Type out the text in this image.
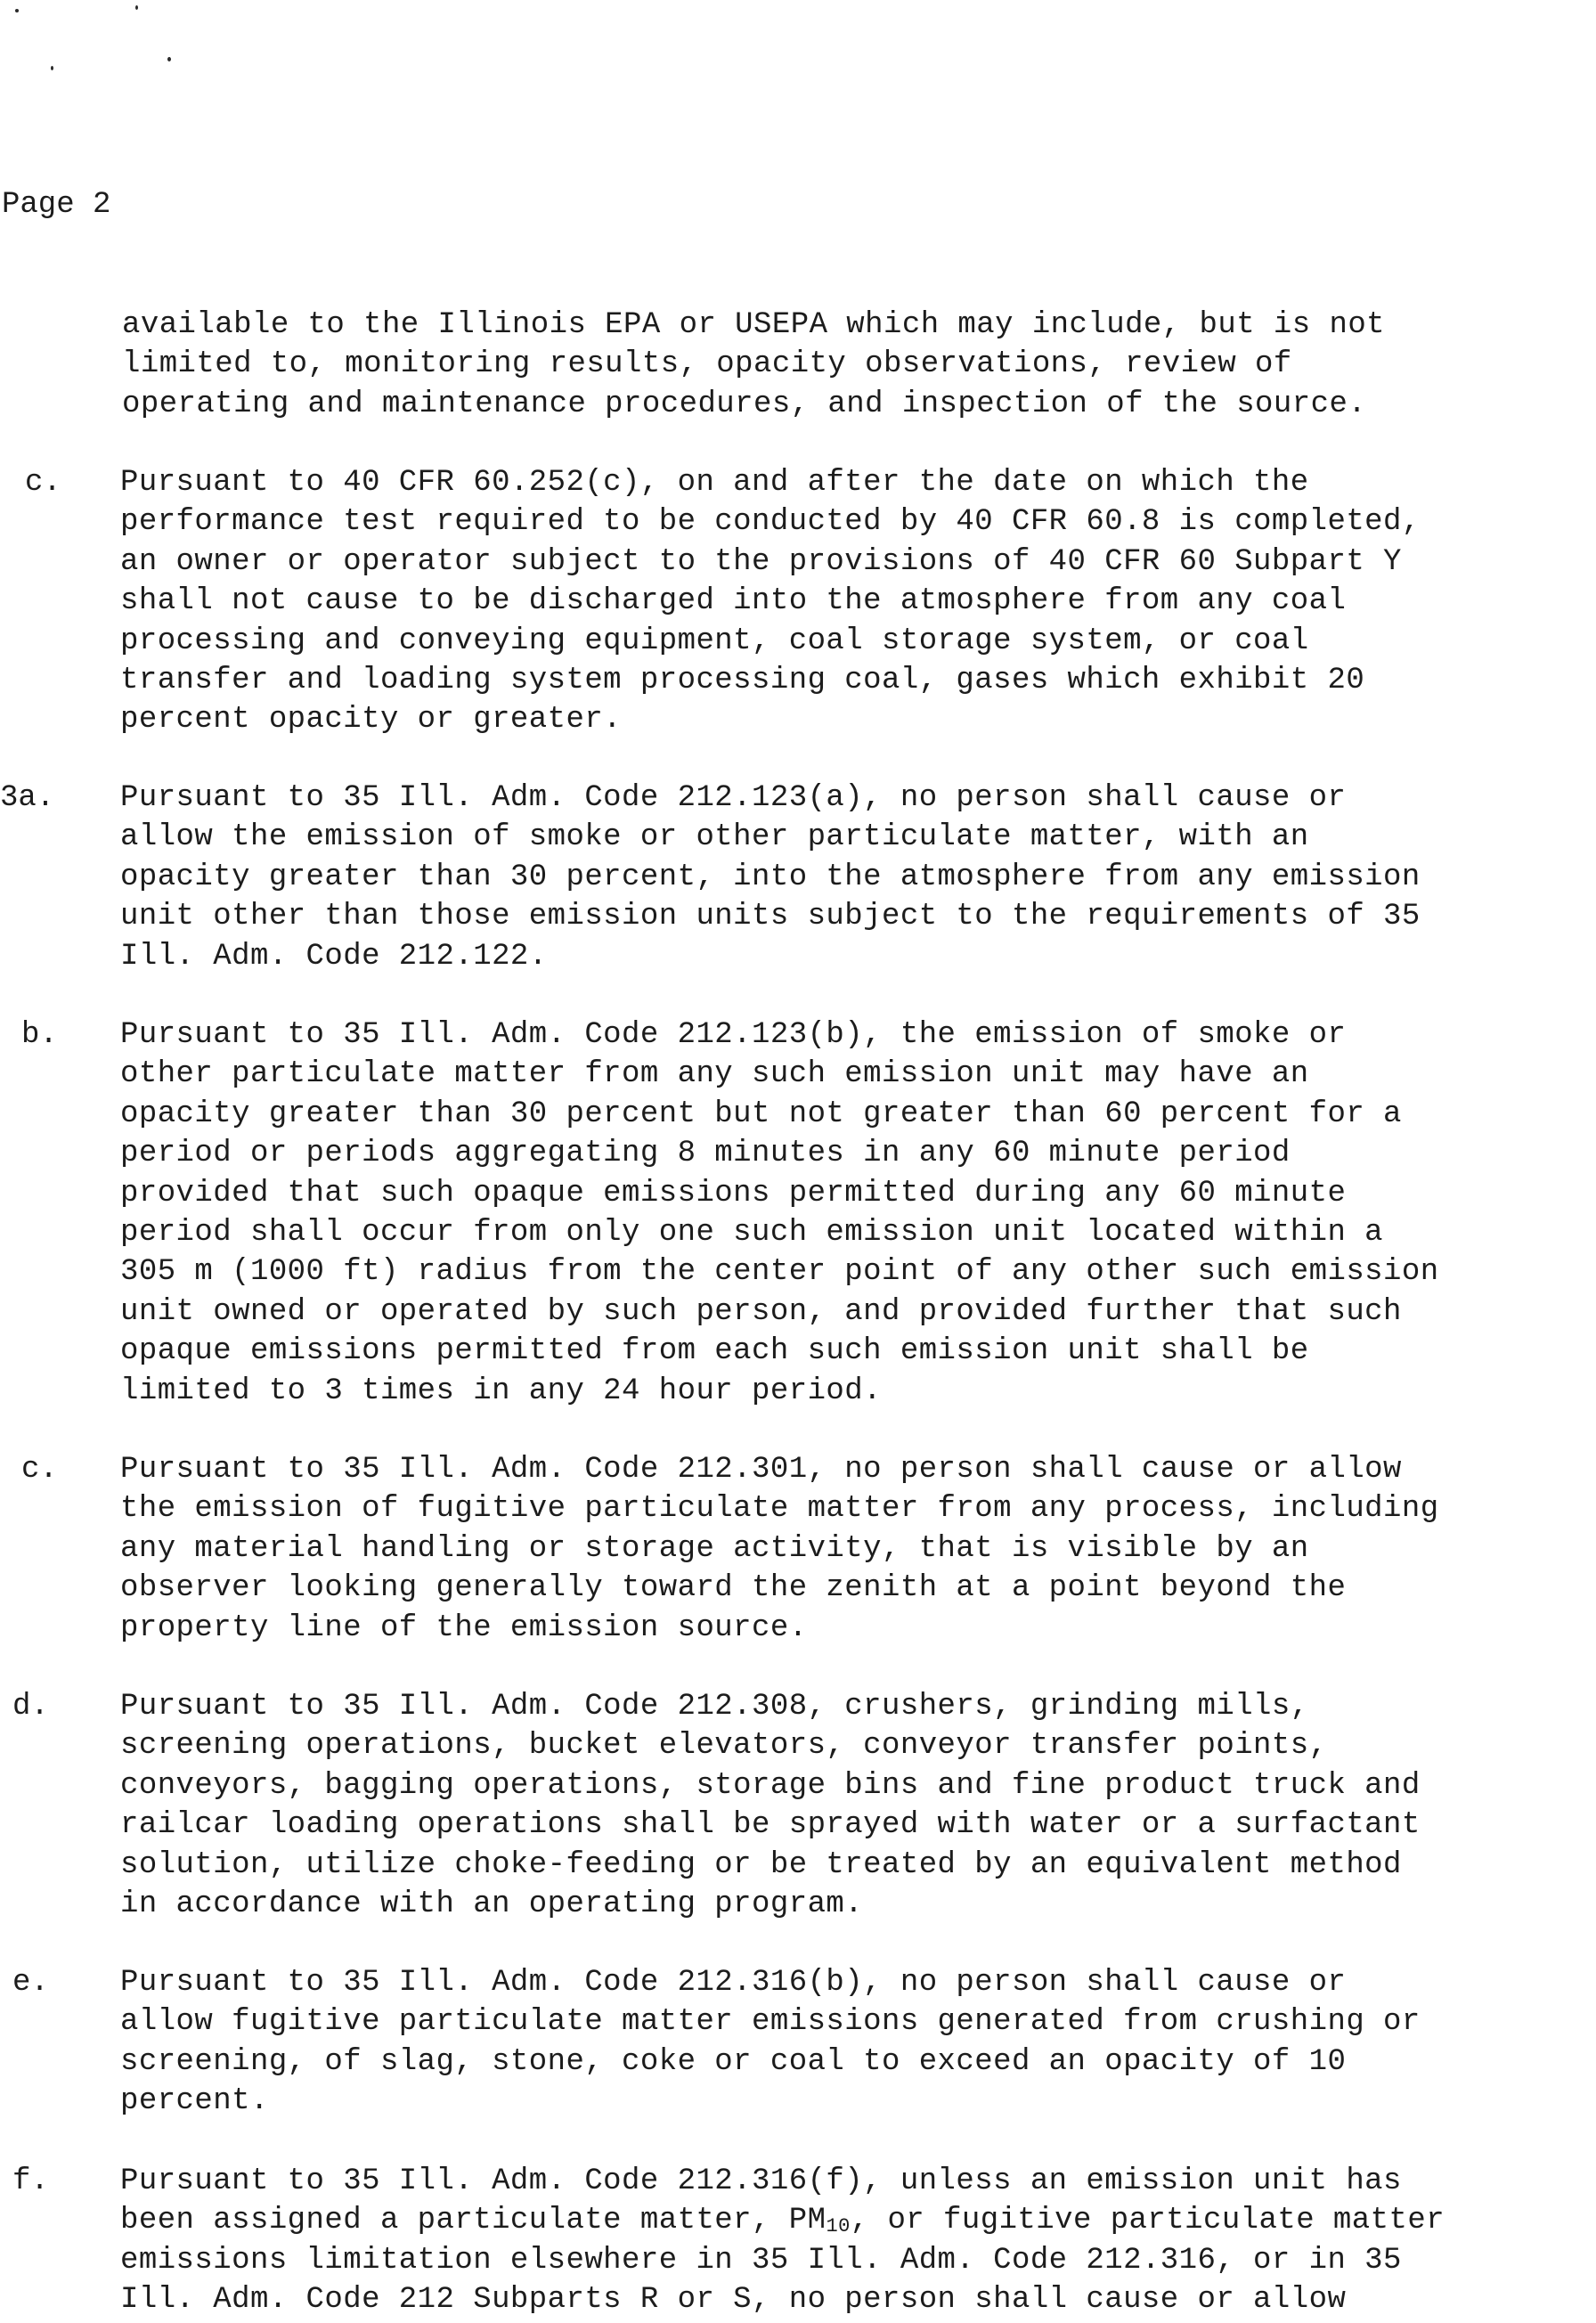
Page 2
available to the Illinois EPA or USEPA which may include, but is not
limited to, monitoring results, opacity observations, review of
operating and maintenance procedures, and inspection of the source.
c. Pursuant to 40 CFR 60.252(c), on and after the date on which the
performance test required to be conducted by 40 CFR 60.8 is completed,
an owner or operator subject to the provisions of 40 CFR 60 Subpart Y
shall not cause to be discharged into the atmosphere from any coal
processing and conveying equipment, coal storage system, or coal
transfer and loading system processing coal, gases which exhibit 20
percent opacity or greater.
3a. Pursuant to 35 Ill. Adm. Code 212.123(a), no person shall cause or
allow the emission of smoke or other particulate matter, with an
opacity greater than 30 percent, into the atmosphere from any emission
unit other than those emission units subject to the requirements of 35
Ill. Adm. Code 212.122.
b. Pursuant to 35 Ill. Adm. Code 212.123(b), the emission of smoke or
other particulate matter from any such emission unit may have an
opacity greater than 30 percent but not greater than 60 percent for a
period or periods aggregating 8 minutes in any 60 minute period
provided that such opaque emissions permitted during any 60 minute
period shall occur from only one such emission unit located within a
305 m (1000 ft) radius from the center point of any other such emission
unit owned or operated by such person, and provided further that such
opaque emissions permitted from each such emission unit shall be
limited to 3 times in any 24 hour period.
c. Pursuant to 35 Ill. Adm. Code 212.301, no person shall cause or allow
the emission of fugitive particulate matter from any process, including
any material handling or storage activity, that is visible by an
observer looking generally toward the zenith at a point beyond the
property line of the emission source.
d. Pursuant to 35 Ill. Adm. Code 212.308, crushers, grinding mills,
screening operations, bucket elevators, conveyor transfer points,
conveyors, bagging operations, storage bins and fine product truck and
railcar loading operations shall be sprayed with water or a surfactant
solution, utilize choke-feeding or be treated by an equivalent method
in accordance with an operating program.
e. Pursuant to 35 Ill. Adm. Code 212.316(b), no person shall cause or
allow fugitive particulate matter emissions generated from crushing or
screening, of slag, stone, coke or coal to exceed an opacity of 10
percent.
f. Pursuant to 35 Ill. Adm. Code 212.316(f), unless an emission unit has
been assigned a particulate matter, $PM_{10}$, or fugitive particulate matter
emissions limitation elsewhere in 35 Ill. Adm. Code 212.316, or in 35
Ill. Adm. Code 212 Subparts R or S, no person shall cause or allow
